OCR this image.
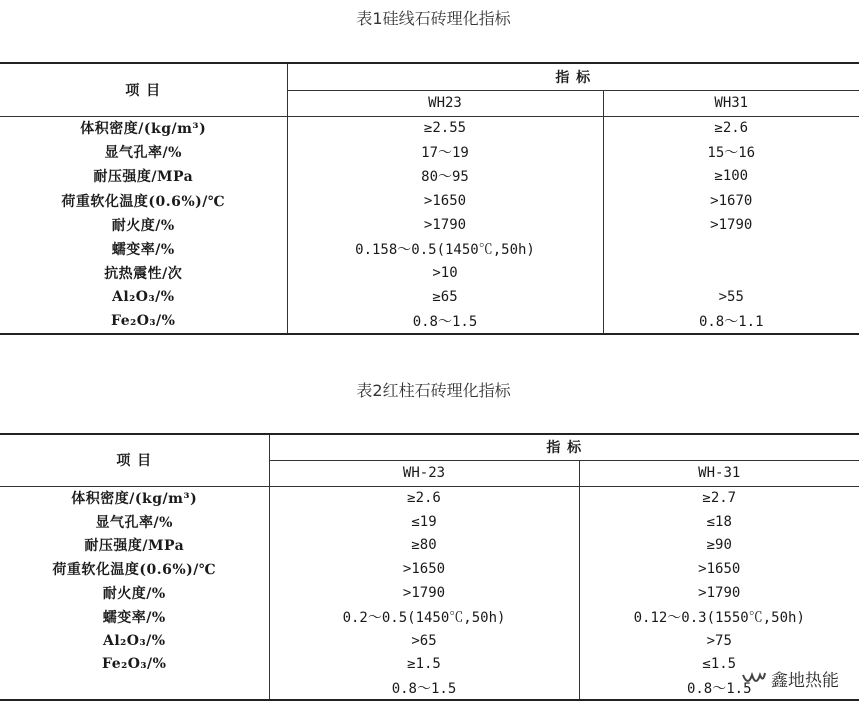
表1硅线石砖理化指标
项 目	指 标	
	WH23	WH31
体积密度/(kg/m³)	≥2.55	≥2.6
显气孔率/%	17～19	15～16
耐压强度/MPa	80～95	≥100
荷重软化温度(0.6%)/℃	>1650	>1670
耐火度/%	>1790	>1790
蠕变率/%	0.158～0.5(1450℃,50h)	
抗热震性/次	>10	
Al₂O₃/%	≥65	>55
Fe₂O₃/%	0.8～1.5	0.8～1.1
表2红柱石砖理化指标
项 目	指 标	
	WH-23	WH-31
体积密度/(kg/m³)	≥2.6	≥2.7
显气孔率/%	≤19	≤18
耐压强度/MPa	≥80	≥90
荷重软化温度(0.6%)/℃	>1650	>1650
耐火度/%	>1790	>1790
蠕变率/%	0.2～0.5(1450℃,50h)	0.12～0.3(1550℃,50h)
Al₂O₃/%	>65	>75
Fe₂O₃/%	≥1.5	≤1.5
	0.8～1.5	0.8～1.5 鑫地热能
